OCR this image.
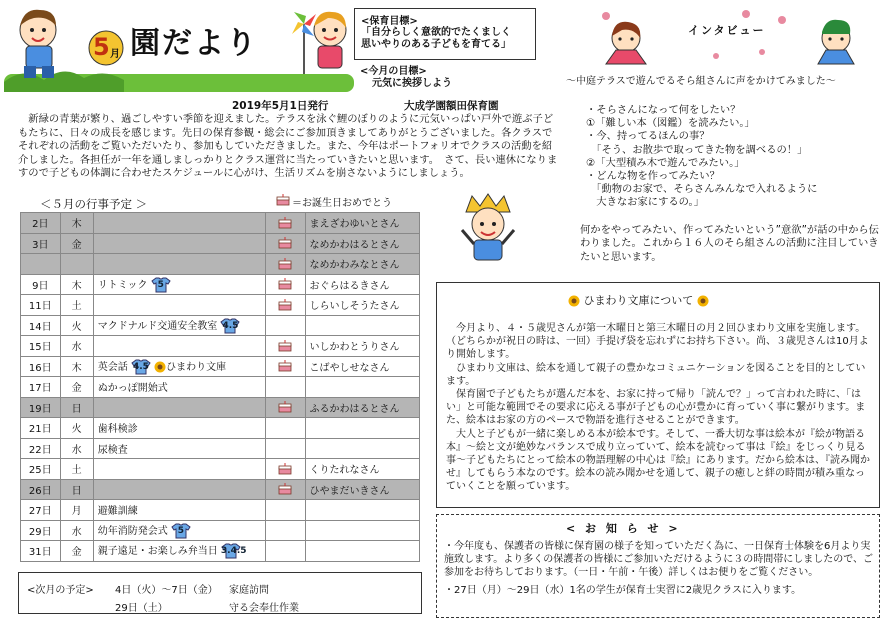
5 月 園だより
<保育目標>
「自分らしく意欲的でたくましく
思いやりのある子どもを育てる」
<今月の目標>
元気に挨拶しよう
2019年5月1日発行	大成学園額田保育園
新緑の青葉が繁り、過ごしやすい季節を迎えました。テラスを泳ぐ鯉のぼりのように元気いっぱい戸外で遊ぶ子どもたちに、日々の成長を感じます。先日の保育参観・総会にご参加頂きましてありがとうございました。各クラスでそれぞれの活動をご覧いただいたり、参加もしていただきました。また、今年はポートフォリオでクラスの活動を紹介しました。各担任が一年を通しましっかりとクラス運営に当たっていきたいと思います。　さて、長い連休になりますので子どもの体調に合わせたスケジュールに心がけ、生活リズムを崩さないようにしましょう。
＜５月の行事予定 ＞	＝お誕生日おめでとう
2日	木			まえざわゆいとさん
3日	金			なめかわはるとさん
				なめかわみなとさん
9日	木	リトミック 5		おぐらはるきさん
11日	土			しらいしそうたさん
14日	火	マクドナルド交通安全教室 4.5		

15日	水			いしかわとうりさん
16日	木	英会話 4.5 ひまわり文庫		こばやしせなさん
17日	金	ぬかっぽ開始式		
19日	日			ふるかわはるとさん
21日	火	歯科検診		
22日	水	尿検査		
25日	土			くりたれなさん
26日	日			ひやまだいきさん
27日	月	避難訓練		
29日	水	幼年消防発会式 5		

31日	金	親子遠足・お楽しみ弁当日 3.4.5		

<次月の予定> 4日（火）～7日（金） 家庭訪問
29日（土）	守る会奉仕作業
インタビュー
～中庭テラスで遊んでるそら組さんに声をかけてみました～
・そらさんになって何をしたい？
①「難しい本（図鑑）を読みたい。」
・今、持ってるほんの事？
　「そう、お散歩で取ってきた物を調べるの！」
②「大型積み木で遊んでみたい。」
・どんな物を作ってみたい？
　「動物のお家で、そらさんみんなで入れるように
　大きなお家にするの。」
何かをやってみたい、作ってみたいという”意欲”が話の中から伝わりました。これから１６人のそら組さんの活動に注目していきたいと思います。
ひまわり文庫について

今月より、４・５歳児さんが第一木曜日と第三木曜日の月２回ひまわり文庫を実施します。（どちらかが祝日の時は、一回）手提げ袋を忘れずにお持ち下さい。尚、３歳児さんは10月より開始します。

ひまわり文庫は、絵本を通して親子の豊かなコミュニケーションを図ることを目的としています。

保育園で子どもたちが選んだ本を、お家に持って帰り「読んで？」って言われた時に、「はい」と可能な範囲でその要求に応える事が子どもの心が豊かに育っていく事に繋がります。また、絵本はお家の方のペースで物語を進行させることができます。

大人と子どもが一緒に楽しめる本が絵本です。そして、一番大切な事は絵本が『絵が物語る本』～絵と文が絶妙なバランスで成り立っていて、絵本を読むって事は『絵』をじっくり見る事～子どもたちにとって絵本の物語理解の中心は『絵』にあります。だから絵本は、『読み聞かせ』してもらう本なのです。絵本の読み聞かせを通して、親子の癒しと絆の時間が積み重なっていくことを願っています。

< お 知 ら せ >

・今年度も、保護者の皆様に保育園の様子を知っていただく為に、一日保育士体験を6月より実施致します。より多くの保護者の皆様にご参加いただけるように３の時間帯にしましたので、ご参加をお待ちしております。（一日・午前・午後）詳しくはお便りをご覧ください。

・27日（月）～29日（水）1名の学生が保育士実習に2歳児クラスに入ります。
